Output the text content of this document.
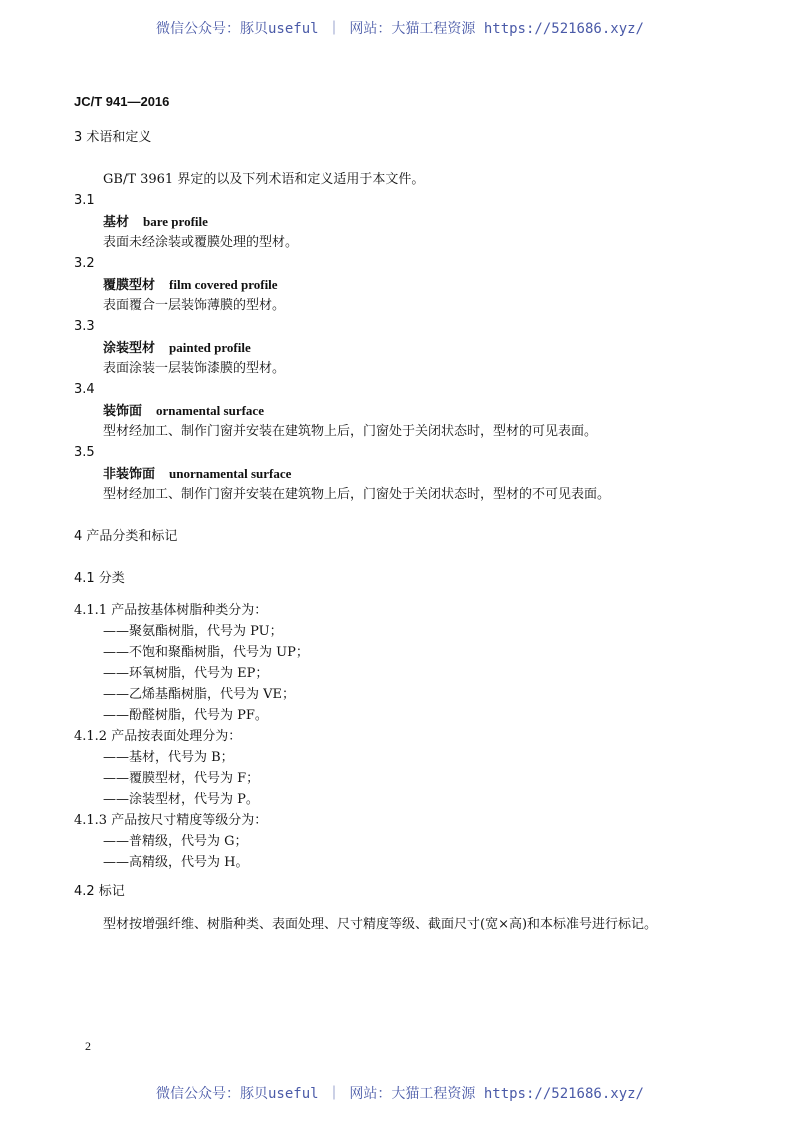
微信公众号：豚贝useful ｜ 网站：大猫工程资源 https://521686.xyz/
JC/T 941—2016
3 术语和定义
GB/T 3961 界定的以及下列术语和定义适用于本文件。
3.1
基材 bare profile
表面未经涂装或覆膜处理的型材。
3.2
覆膜型材 film covered profile
表面覆合一层装饰薄膜的型材。
3.3
涂装型材 painted profile
表面涂装一层装饰漆膜的型材。
3.4
装饰面 ornamental surface
型材经加工、制作门窗并安装在建筑物上后，门窗处于关闭状态时，型材的可见表面。
3.5
非装饰面 unornamental surface
型材经加工、制作门窗并安装在建筑物上后，门窗处于关闭状态时，型材的不可见表面。
4 产品分类和标记
4.1 分类
4.1.1 产品按基体树脂种类分为：
——聚氨酯树脂，代号为 PU；
——不饱和聚酯树脂，代号为 UP；
——环氧树脂，代号为 EP；
——乙烯基酯树脂，代号为 VE；
——酚醛树脂，代号为 PF。
4.1.2 产品按表面处理分为：
——基材，代号为 B；
——覆膜型材，代号为 F；
——涂装型材，代号为 P。
4.1.3 产品按尺寸精度等级分为：
——普精级，代号为 G；
——高精级，代号为 H。
4.2 标记
型材按增强纤维、树脂种类、表面处理、尺寸精度等级、截面尺寸(宽×高)和本标准号进行标记。
2
微信公众号：豚贝useful ｜ 网站：大猫工程资源 https://521686.xyz/
